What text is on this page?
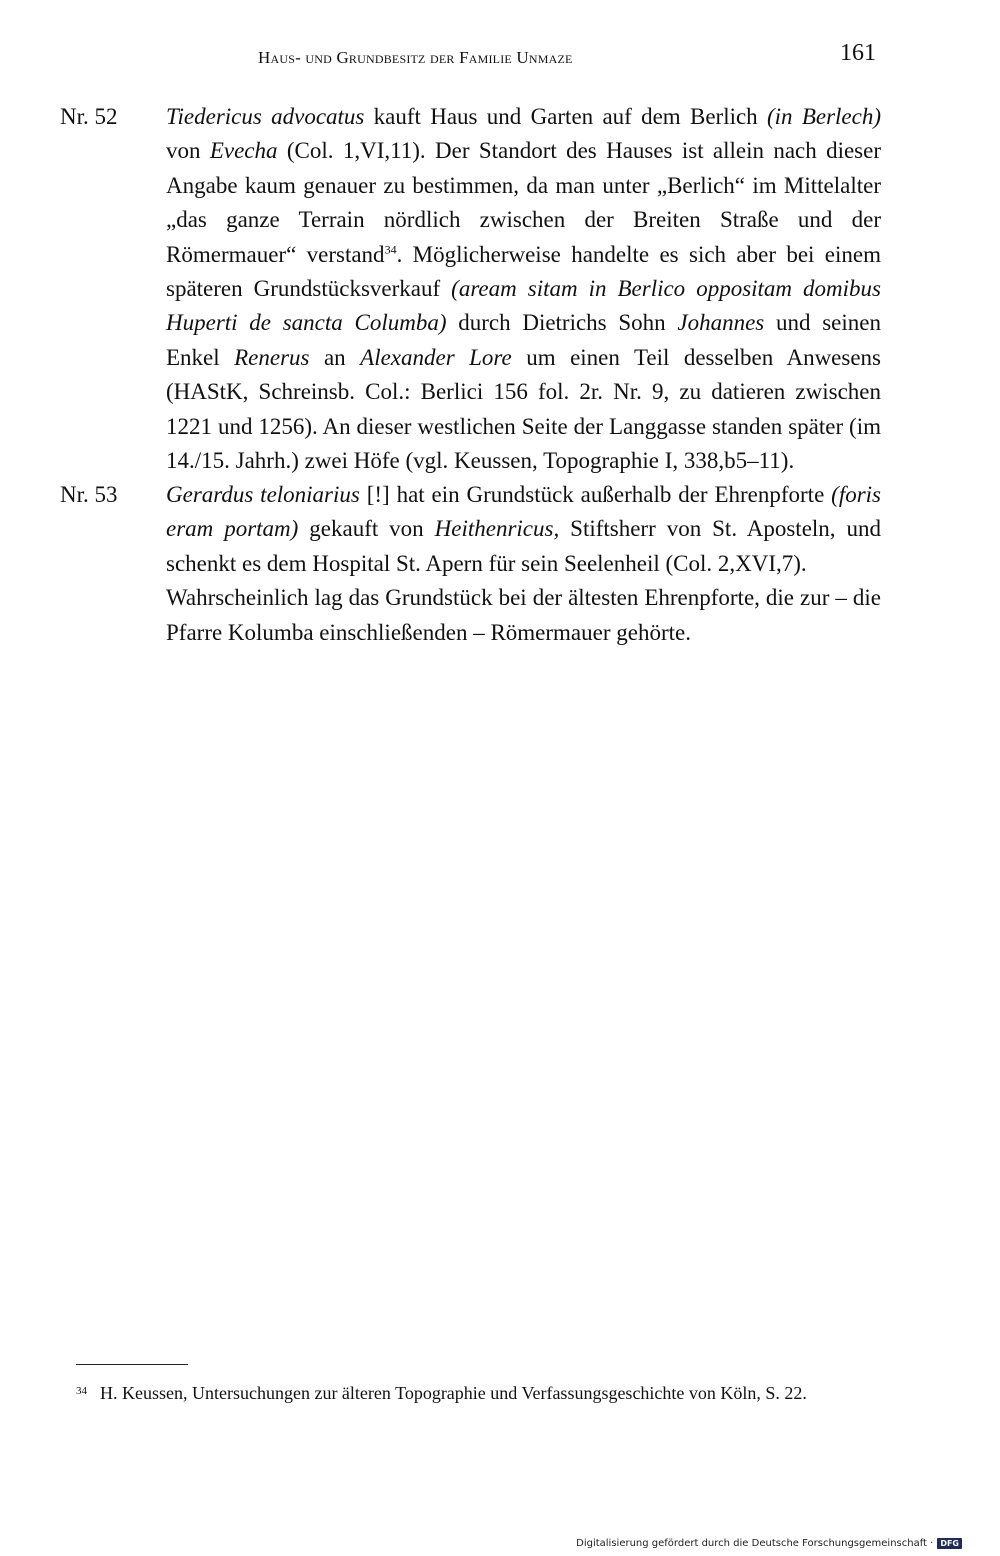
Haus- und Grundbesitz der Familie Unmaze	161
Nr. 52 Tiedericus advocatus kauft Haus und Garten auf dem Berlich (in Berlech) von Evecha (Col. 1,VI,11). Der Standort des Hauses ist allein nach dieser Angabe kaum genauer zu bestimmen, da man unter „Berlich“ im Mittelalter „das ganze Terrain nördlich zwischen der Breiten Straße und der Römermauer“ verstand$^{34}$. Möglicherweise handelte es sich aber bei einem späteren Grundstücksverkauf (aream sitam in Berlico oppositam domibus Huperti de sancta Columba) durch Dietrichs Sohn Johannes und seinen Enkel Renerus an Alexander Lore um einen Teil desselben Anwesens (HAStK, Schreinsb. Col.: Berlici 156 fol. 2r. Nr. 9, zu datieren zwischen 1221 und 1256). An dieser westlichen Seite der Langgasse standen später (im 14./15. Jahrh.) zwei Höfe (vgl. Keussen, Topographie I, 338,b5–11).
Nr. 53 Gerardus teloniarius [!] hat ein Grundstück außerhalb der Ehrenpforte (foris eram portam) gekauft von Heithenricus, Stiftsherr von St. Aposteln, und schenkt es dem Hospital St. Apern für sein Seelenheil (Col. 2,XVI,7).

Wahrscheinlich lag das Grundstück bei der ältesten Ehrenpforte, die zur – die Pfarre Kolumba einschließenden – Römermauer gehörte.

34 H. Keussen, Untersuchungen zur älteren Topographie und Verfassungsgeschichte von Köln, S. 22.
Digitalisierung gefördert durch die Deutsche Forschungsgemeinschaft · DFG
